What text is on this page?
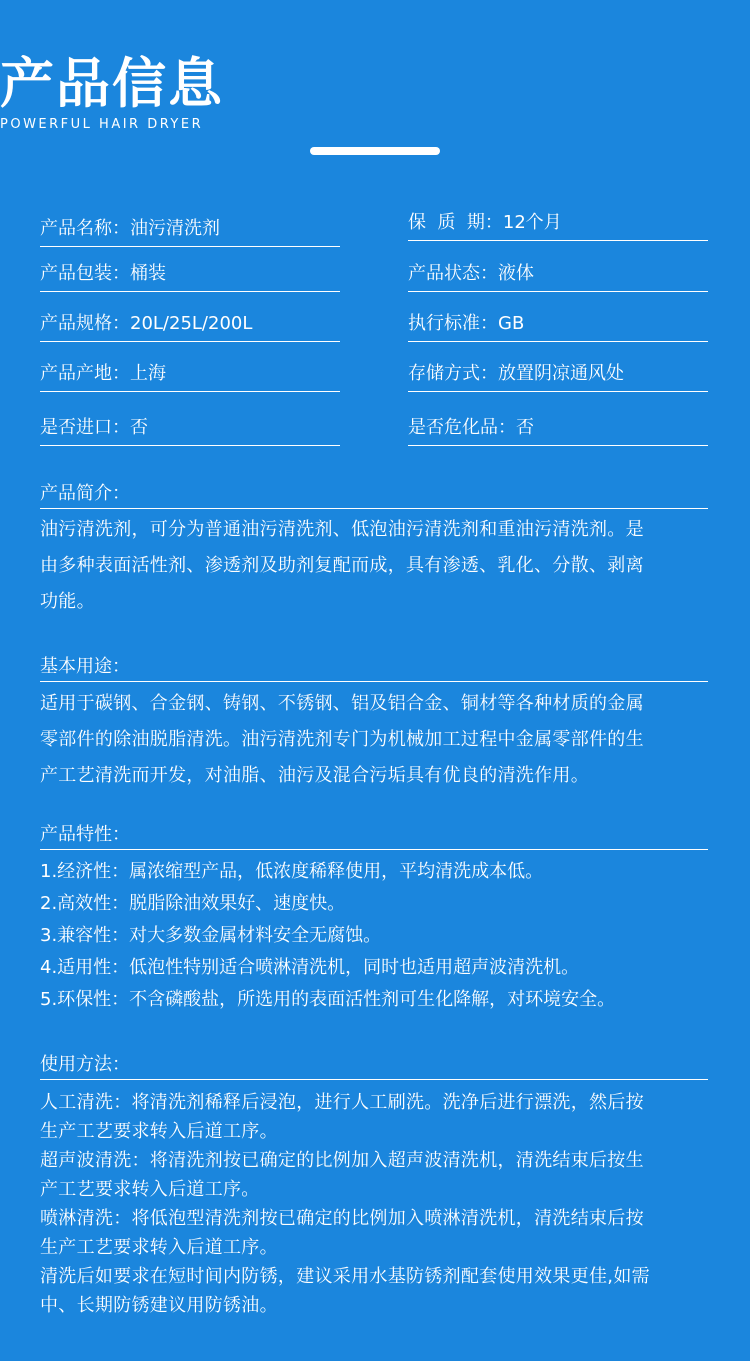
产品信息
POWERFUL HAIR DRYER
产品名称：油污清洗剂	保  质  期：12个月
产品包装：桶装	产品状态：液体
产品规格：20L/25L/200L	执行标准：GB
产品产地：上海	存储方式：放置阴凉通风处
是否进口：否	是否危化品：否
产品简介：
油污清洗剂，可分为普通油污清洗剂、低泡油污清洗剂和重油污清洗剂。是
由多种表面活性剂、渗透剂及助剂复配而成，具有渗透、乳化、分散、剥离
功能。
基本用途：
适用于碳钢、合金钢、铸钢、不锈钢、铝及铝合金、铜材等各种材质的金属
零部件的除油脱脂清洗。油污清洗剂专门为机械加工过程中金属零部件的生
产工艺清洗而开发，对油脂、油污及混合污垢具有优良的清洗作用。
产品特性：
1.经济性：属浓缩型产品，低浓度稀释使用，平均清洗成本低。
2.高效性：脱脂除油效果好、速度快。
3.兼容性：对大多数金属材料安全无腐蚀。
4.适用性：低泡性特别适合喷淋清洗机，同时也适用超声波清洗机。
5.环保性：不含磷酸盐，所选用的表面活性剂可生化降解，对环境安全。
使用方法：
人工清洗：将清洗剂稀释后浸泡，进行人工刷洗。洗净后进行漂洗，然后按
生产工艺要求转入后道工序。
超声波清洗：将清洗剂按已确定的比例加入超声波清洗机，清洗结束后按生
产工艺要求转入后道工序。
喷淋清洗：将低泡型清洗剂按已确定的比例加入喷淋清洗机，清洗结束后按
生产工艺要求转入后道工序。
清洗后如要求在短时间内防锈，建议采用水基防锈剂配套使用效果更佳,如需
中、长期防锈建议用防锈油。
